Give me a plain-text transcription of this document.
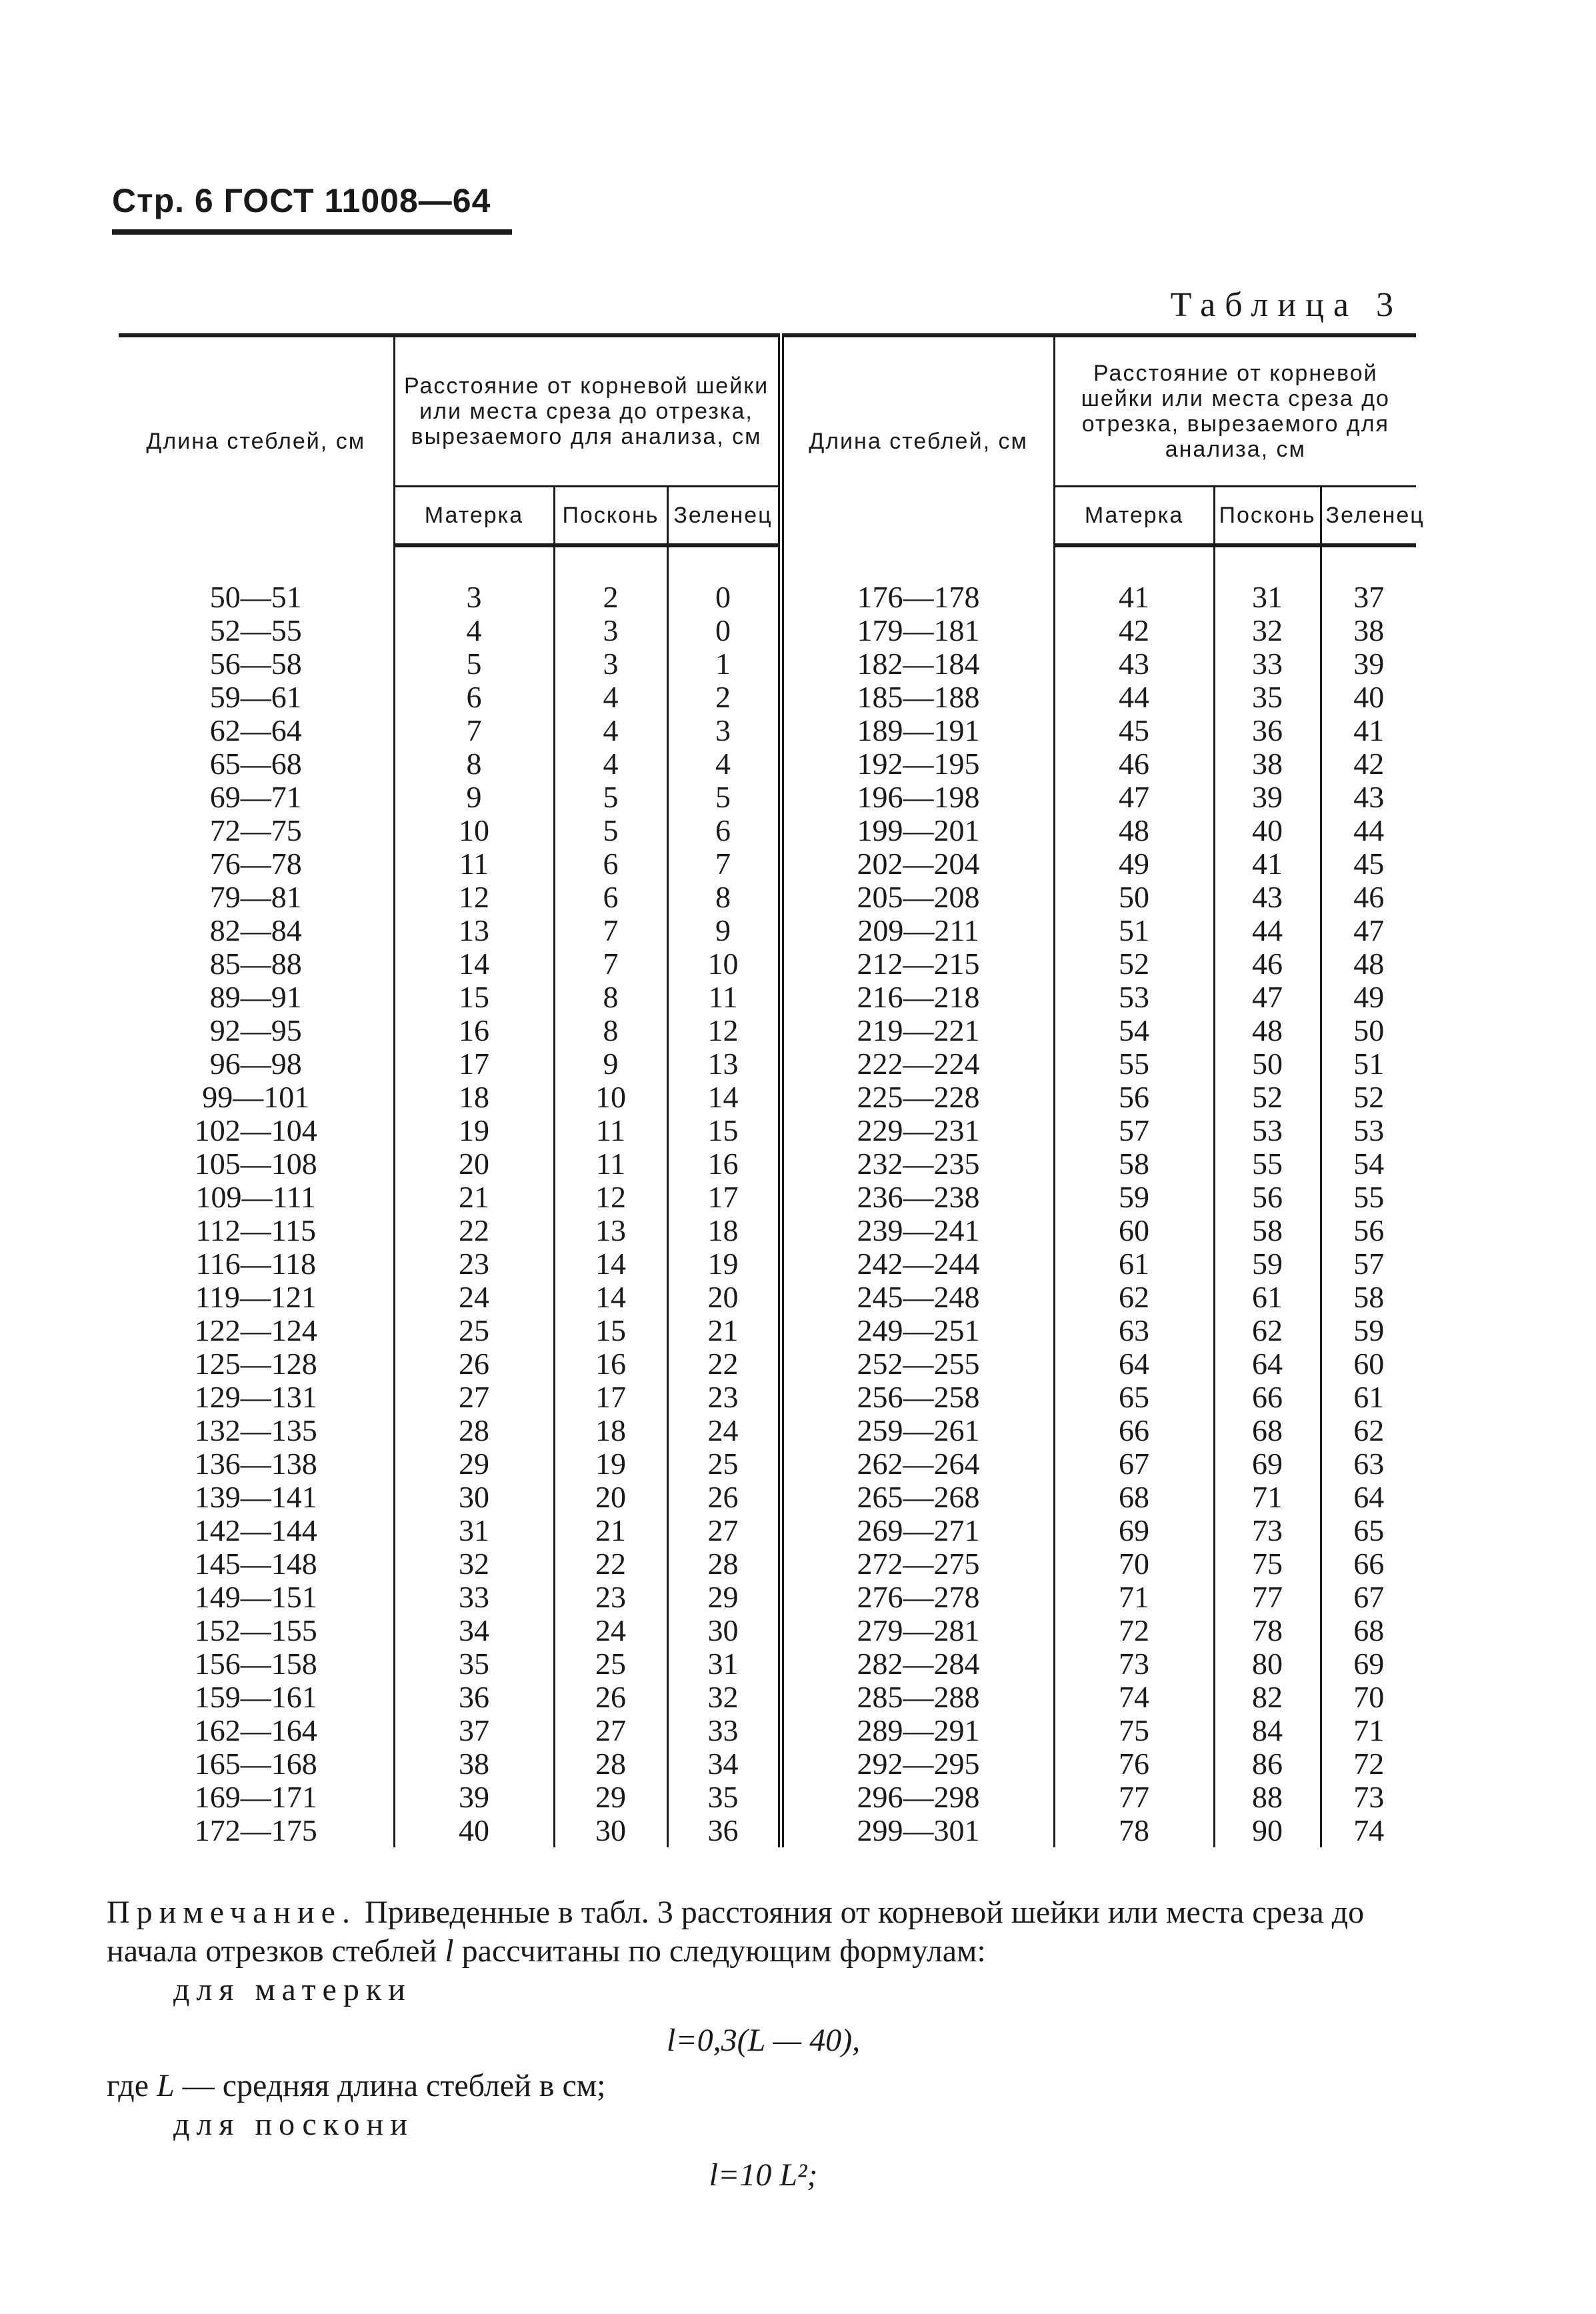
Стр. 6 ГОСТ 11008—64
Таблица 3
Длина стеблей, см	Расстояние от корневой шейки или места среза до отрезка, вырезаемого для анализа, см			Длина стеблей, см	Расстояние от корневой шейки или места среза до отрезка, вырезаемого для анализа, см		
	Матерка	Посконь	Зеленец		Матерка	Посконь	Зеленец

50—51	3	2	0	176—178	41	31	37
52—55	4	3	0	179—181	42	32	38
56—58	5	3	1	182—184	43	33	39
59—61	6	4	2	185—188	44	35	40
62—64	7	4	3	189—191	45	36	41
65—68	8	4	4	192—195	46	38	42
69—71	9	5	5	196—198	47	39	43
72—75	10	5	6	199—201	48	40	44
76—78	11	6	7	202—204	49	41	45
79—81	12	6	8	205—208	50	43	46
82—84	13	7	9	209—211	51	44	47
85—88	14	7	10	212—215	52	46	48
89—91	15	8	11	216—218	53	47	49
92—95	16	8	12	219—221	54	48	50
96—98	17	9	13	222—224	55	50	51
99—101	18	10	14	225—228	56	52	52
102—104	19	11	15	229—231	57	53	53
105—108	20	11	16	232—235	58	55	54
109—111	21	12	17	236—238	59	56	55
112—115	22	13	18	239—241	60	58	56
116—118	23	14	19	242—244	61	59	57
119—121	24	14	20	245—248	62	61	58
122—124	25	15	21	249—251	63	62	59
125—128	26	16	22	252—255	64	64	60
129—131	27	17	23	256—258	65	66	61
132—135	28	18	24	259—261	66	68	62
136—138	29	19	25	262—264	67	69	63
139—141	30	20	26	265—268	68	71	64
142—144	31	21	27	269—271	69	73	65
145—148	32	22	28	272—275	70	75	66
149—151	33	23	29	276—278	71	77	67
152—155	34	24	30	279—281	72	78	68
156—158	35	25	31	282—284	73	80	69
159—161	36	26	32	285—288	74	82	70
162—164	37	27	33	289—291	75	84	71
165—168	38	28	34	292—295	76	86	72
169—171	39	29	35	296—298	77	88	73
172—175	40	30	36	299—301	78	90	74

Примечание. Приведенные в табл. 3 расстояния от корневой шейки или места среза до начала отрезков стеблей l рассчитаны по следующим формулам:

для матерки

l=0,3(L — 40),

где L — средняя длина стеблей в см;

для поскони

l=10 L²;
